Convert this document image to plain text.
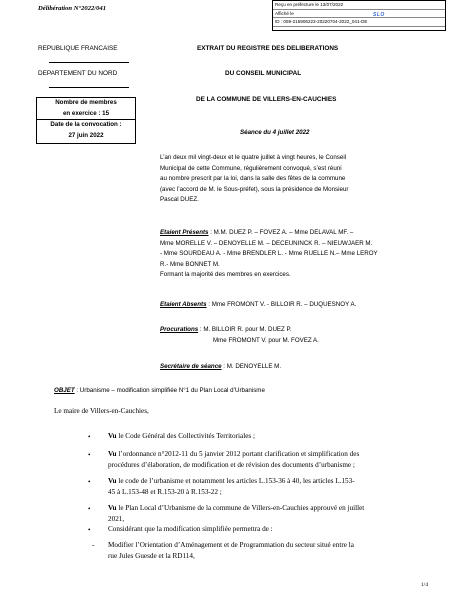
Délibération N°2022/041
Reçu en préfecture le 13/07/2022
Affiché le
ID : 059-215906223-20220704-2022_041-DE
SLO
REPUBLIQUE FRANCAISE
DEPARTEMENT DU NORD
EXTRAIT DU REGISTRE DES DELIBERATIONS
DU CONSEIL MUNICIPAL
DE LA COMMUNE DE VILLERS-EN-CAUCHIES
Nombre de membres
en exercice : 15
Date de la convocation :
27 juin 2022	Séance du 4 juillet 2022
L’an deux mil vingt-deux et le quatre juillet à vingt heures, le Conseil
Municipal de cette Commune, régulièrement convoqué, s’est réuni
au nombre prescrit par la loi, dans la salle des fêtes de la commune
(avec l’accord de M. le Sous-préfet), sous la présidence de Monsieur
Pascal DUEZ.
Etaient Présents : M.M. DUEZ P. – FOVEZ A. – Mme DELAVAL MF. –
Mme MORELLE V. – DENOYELLE M. – DECEUNINCK R. – NIEUWJAER M.
- Mme SOURDEAU A. - Mme BRENDLER L. - Mme RUELLE N.– Mme LEROY
R.- Mme BONNET M.
Formant la majorité des membres en exercices.
Etaient Absents : Mme FROMONT V. - BILLOIR R. – DUQUESNOY A.
Procurations : M. BILLOIR R. pour M. DUEZ P.
Mme FROMONT V. pour M. FOVEZ A.
Secrétaire de séance : M. DENOYELLE M.
OBJET : Urbanisme – modification simplifiée N°1 du Plan Local d’Urbanisme
Le maire de Villers-en-Cauchies,
• Vu le Code Général des Collectivités Territoriales ;
• Vu l’ordonnance n°2012-11 du 5 janvier 2012 portant clarification et simplification des
procédures d’élaboration, de modification et de révision des documents d’urbanisme ;
• Vu le code de l’urbanisme et notamment les articles L.153-36 à 40, les articles L.153-
45 à L.153-48 et R.153-20 à R.153-22 ;
• Vu le Plan Local d’Urbanisme de la commune de Villers-en-Cauchies approuvé en juillet
2021,
• Considérant que la modification simplifiée permettra de :
- Modifier l’Orientation d’Aménagement et de Programmation du secteur situé entre la
rue Jules Guesde et la RD114,
1/4
